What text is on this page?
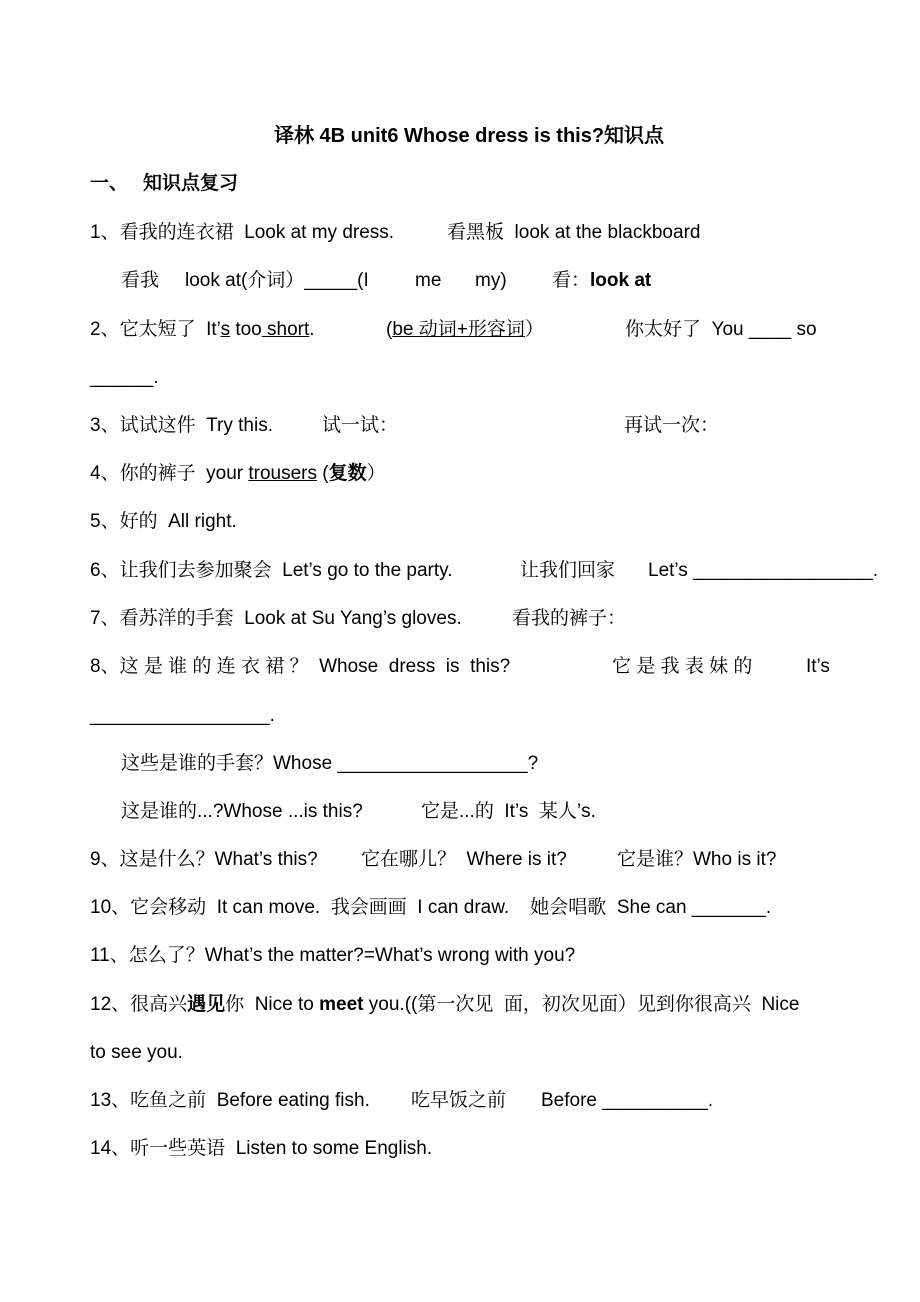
译林 4B unit6 Whose dress is this?知识点
一、 知识点复习
1、看我的连衣裙  Look at my dress.	看黑板  look at the blackboard
看我 look at(介词）_____(I me my) 看：look at
2、它太短了  It’s too short.	(be 动词+形容词）	你太好了  You ____ so
______.
3、试试这件  Try this.	试一试：	再试一次：
4、你的裤子  your trousers (复数）
5、好的  All right.
6、让我们去参加聚会  Let’s go to the party.	让我们回家 Let’s _________________.
7、看苏洋的手套  Look at Su Yang’s gloves.	看我的裤子：
8、这 是 谁 的 连 衣 裙 ？  Whose  dress  is  this?	它 是 我 表 妹 的	It’s
_________________.
这些是谁的手套？Whose __________________?
这是谁的...?Whose ...is this?	它是...的  It’s  某人’s.
9、这是什么？What’s this? 它在哪儿？  Where is it?	它是谁？Who is it?
10、它会移动  It can move.  我会画画  I can draw.    她会唱歌  She can _______.
11、怎么了？What’s the matter?=What’s wrong with you?
12、很高兴遇见你  Nice to meet you.((第一次见  面，初次见面）见到你很高兴  Nice
to see you.
13、吃鱼之前  Before eating fish. 吃早饭之前 Before __________.
14、听一些英语  Listen to some English.
